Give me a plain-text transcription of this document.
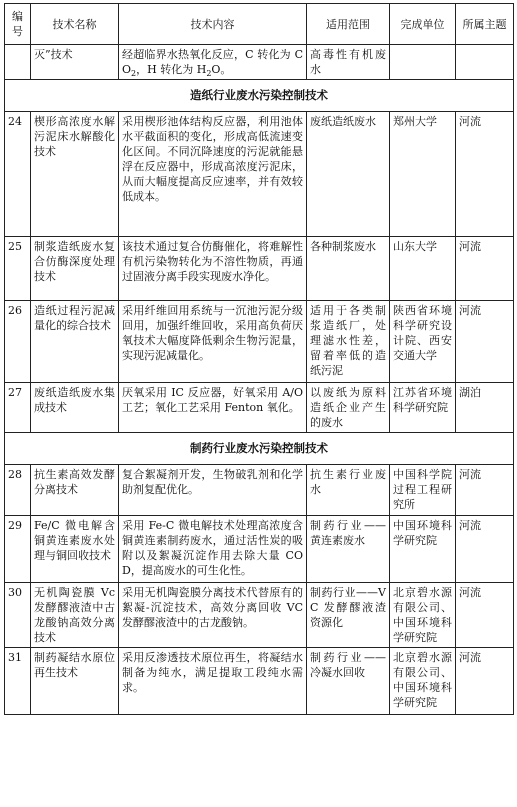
编号	技术名称	技术内容	适用范围	完成单位	所属主题
	灭”技术	经超临界水热氧化反应，C 转化为 $CO_2$，H 转化为 $H_2O$。	高毒性有机废水		
造纸行业废水污染控制技术					
24	楔形高浓度水解污泥床水解酸化技术	采用楔形池体结构反应器，利用池体水平截面积的变化，形成高低流速变化区间。不同沉降速度的污泥就能悬浮在反应器中，形成高浓度污泥床，从而大幅度提高反应速率，并有效较低成本。	废纸造纸废水	郑州大学	河流
25	制浆造纸废水复合仿酶深度处理技术	该技术通过复合仿酶催化，将难解性有机污染物转化为不溶性物质，再通过固液分离手段实现废水净化。	各种制浆废水	山东大学	河流
26	造纸过程污泥减量化的综合技术	采用纤维回用系统与一沉池污泥分级回用，加强纤维回收，采用高负荷厌氧技术大幅度降低剩余生物污泥量，实现污泥减量化。	适用于各类制浆造纸厂，处理滤水性差，留着率低的造纸污泥	陕西省环境科学研究设计院、西安交通大学	河流
27	废纸造纸废水集成技术	厌氧采用 IC 反应器，好氧采用 A/O 工艺；氧化工艺采用 Fenton 氧化。	以废纸为原料造纸企业产生的废水	江苏省环境科学研究院	湖泊
制药行业废水污染控制技术					
28	抗生素高效发酵分离技术	复合絮凝剂开发，生物破乳剂和化学助剂复配优化。	抗生素行业废水	中国科学院过程工程研究所	河流
29	Fe/C 微电解含铜黄连素废水处理与铜回收技术	采用 Fe-C 微电解技术处理高浓度含铜黄连素制药废水，通过活性炭的吸附以及絮凝沉淀作用去除大量 COD，提高废水的可生化性。	制药行业——黄连素废水	中国环境科学研究院	河流
30	无机陶瓷膜 Vc 发酵醪液渣中古龙酸钠高效分离技术	采用无机陶瓷膜分离技术代替原有的絮凝-沉淀技术，高效分离回收 VC 发酵醪液渣中的古龙酸钠。	制药行业——VC 发酵醪液渣资源化	北京碧水源有限公司、中国环境科学研究院	河流
31	制药凝结水原位再生技术	采用反渗透技术原位再生，将凝结水制备为纯水，满足提取工段纯水需求。	制药行业——冷凝水回收	北京碧水源有限公司、中国环境科学研究院	河流
